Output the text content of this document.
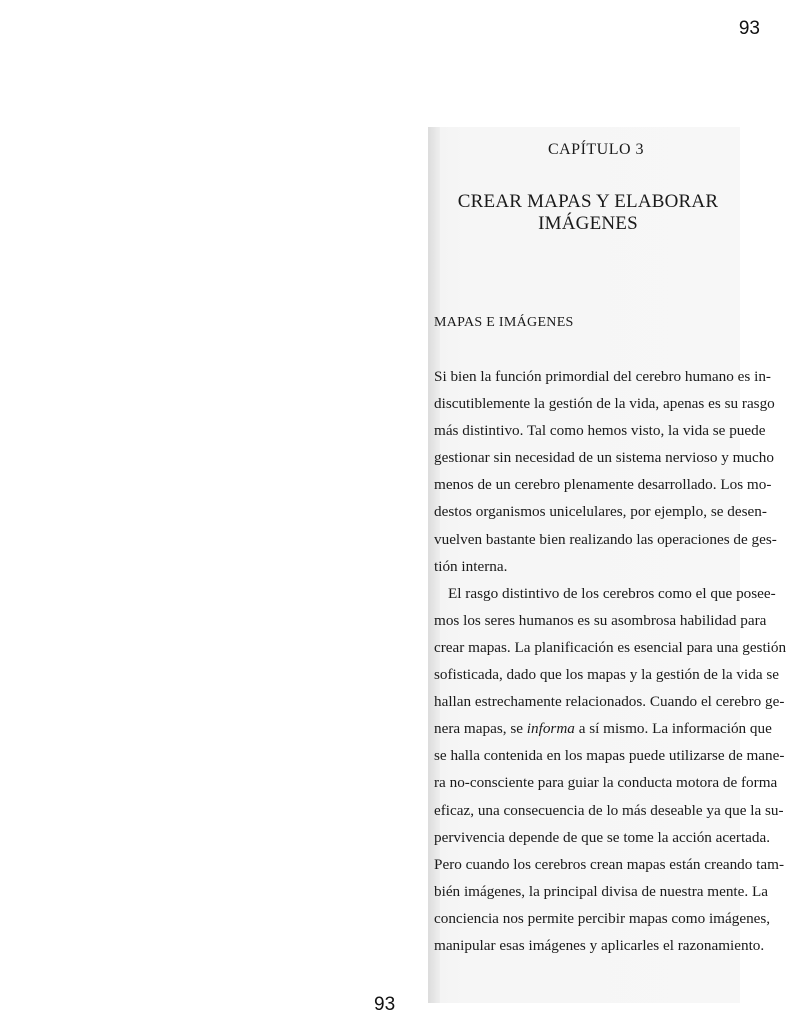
93
CAPÍTULO 3
CREAR MAPAS Y ELABORAR IMÁGENES
MAPAS E IMÁGENES
Si bien la función primordial del cerebro humano es in-
discutiblemente la gestión de la vida, apenas es su rasgo
más distintivo. Tal como hemos visto, la vida se puede
gestionar sin necesidad de un sistema nervioso y mucho
menos de un cerebro plenamente desarrollado. Los mo-
destos organismos unicelulares, por ejemplo, se desen-
vuelven bastante bien realizando las operaciones de ges-
tión interna.
El rasgo distintivo de los cerebros como el que posee-
mos los seres humanos es su asombrosa habilidad para
crear mapas. La planificación es esencial para una gestión
sofisticada, dado que los mapas y la gestión de la vida se
hallan estrechamente relacionados. Cuando el cerebro ge-
nera mapas, se informa a sí mismo. La información que
se halla contenida en los mapas puede utilizarse de mane-
ra no-consciente para guiar la conducta motora de forma
eficaz, una consecuencia de lo más deseable ya que la su-
pervivencia depende de que se tome la acción acertada.
Pero cuando los cerebros crean mapas están creando tam-
bién imágenes, la principal divisa de nuestra mente. La
conciencia nos permite percibir mapas como imágenes,
manipular esas imágenes y aplicarles el razonamiento.
93
